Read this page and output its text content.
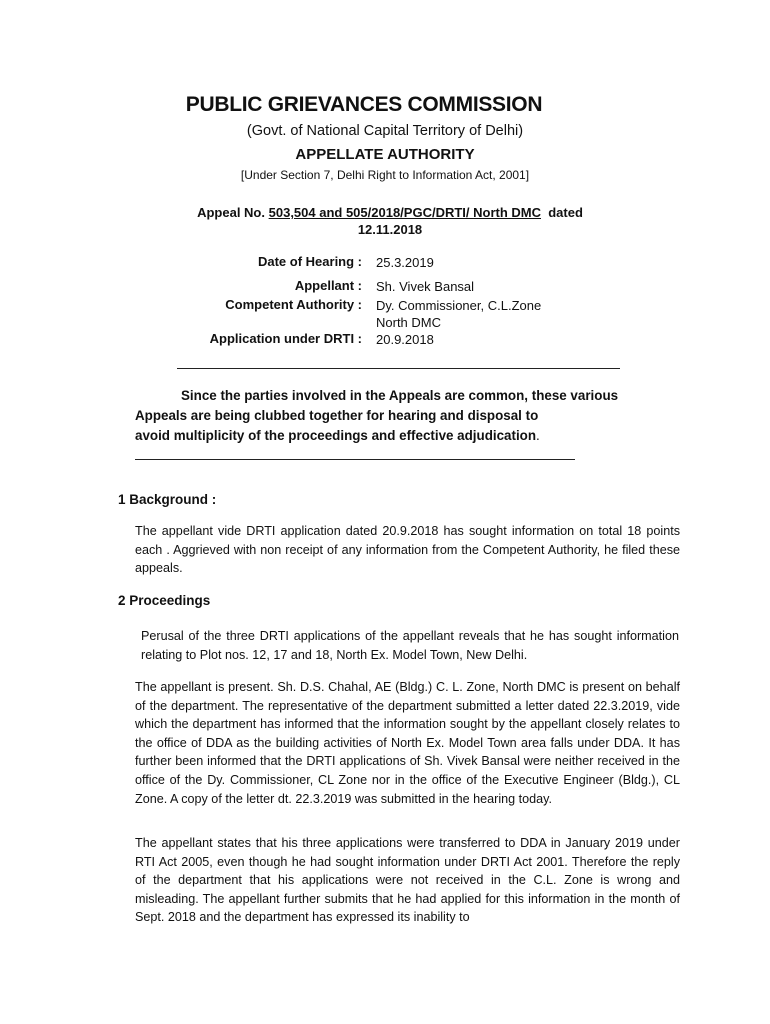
PUBLIC GRIEVANCES COMMISSION
(Govt. of National Capital Territory of Delhi)
APPELLATE AUTHORITY
[Under Section 7, Delhi Right to Information Act, 2001]
Appeal No. 503,504 and 505/2018/PGC/DRTI/ North DMC dated
12.11.2018
Date of Hearing : 25.3.2019
Appellant : Sh. Vivek Bansal
Competent Authority : Dy. Commissioner, C.L.Zone
North DMC
Application under DRTI : 20.9.2018
Since the parties involved in the Appeals are common, these various
Appeals are being clubbed together for hearing and disposal to
avoid multiplicity of the proceedings and effective adjudication.
1 Background :
The appellant vide DRTI application dated 20.9.2018 has sought information on total 18 points each . Aggrieved with non receipt of any information from the Competent Authority, he filed these appeals.
2 Proceedings
Perusal of the three DRTI applications of the appellant reveals that he has sought information relating to Plot nos. 12, 17 and 18, North Ex. Model Town, New Delhi.
The appellant is present. Sh. D.S. Chahal, AE (Bldg.) C. L. Zone, North DMC is present on behalf of the department. The representative of the department submitted a letter dated 22.3.2019, vide which the department has informed that the information sought by the appellant closely relates to the office of DDA as the building activities of North Ex. Model Town area falls under DDA. It has further been informed that the DRTI applications of Sh. Vivek Bansal were neither received in the office of the Dy. Commissioner, CL Zone nor in the office of the Executive Engineer (Bldg.), CL Zone. A copy of the letter dt. 22.3.2019 was submitted in the hearing today.
The appellant states that his three applications were transferred to DDA in January 2019 under RTI Act 2005, even though he had sought information under DRTI Act 2001. Therefore the reply of the department that his applications were not received in the C.L. Zone is wrong and misleading. The appellant further submits that he had applied for this information in the month of Sept. 2018 and the department has expressed its inability to
